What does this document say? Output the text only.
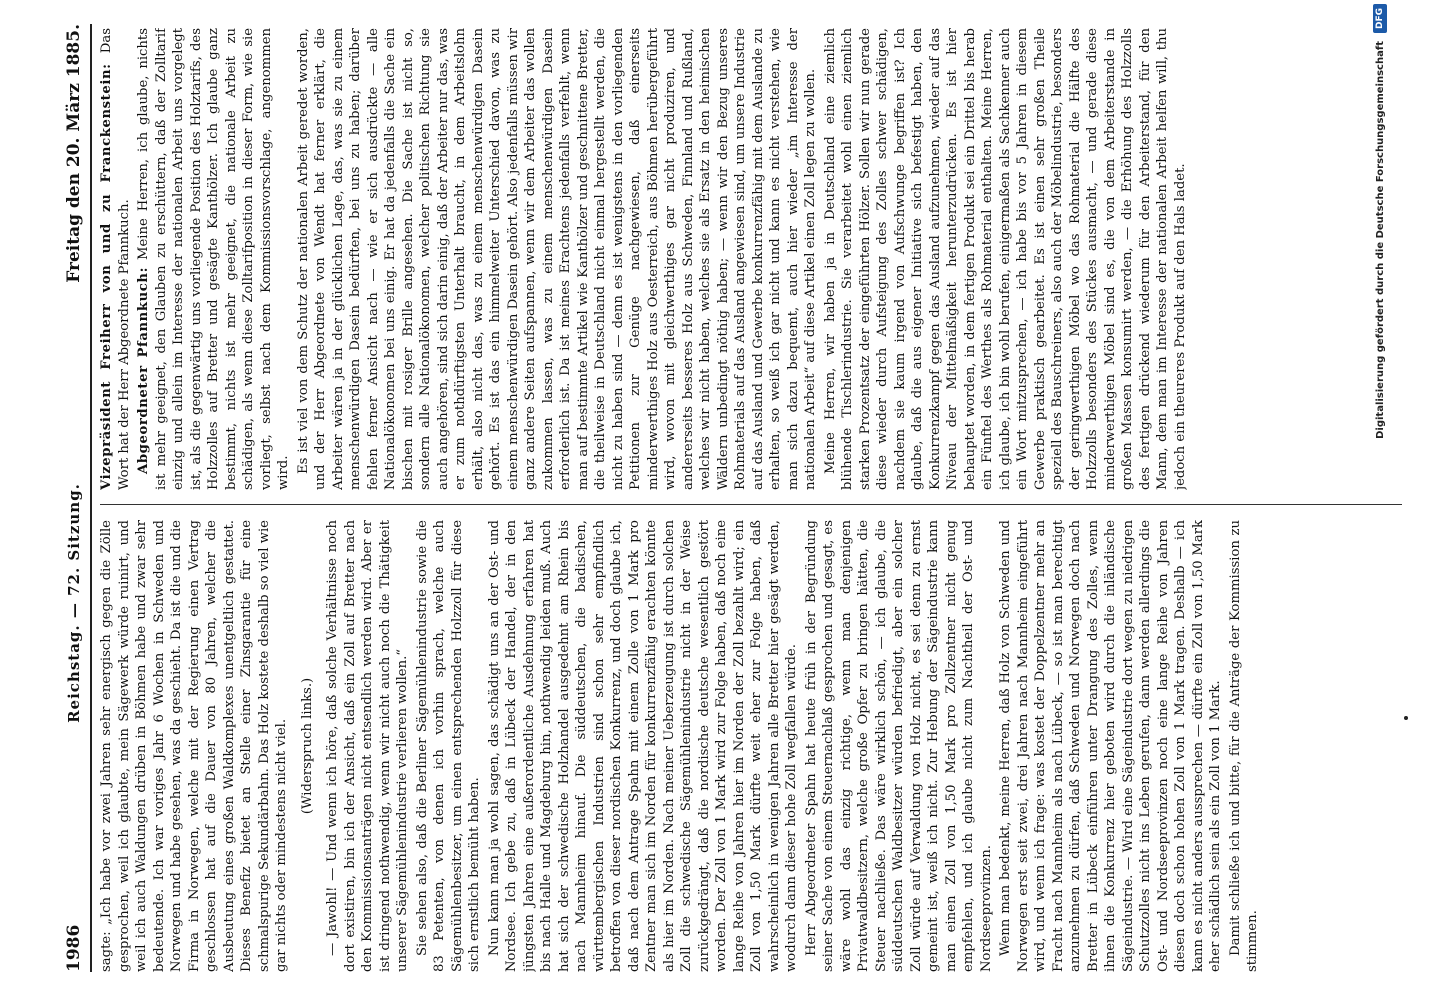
1986
Reichstag. — 72. Sitzung.
Freitag den 20. März 1885.

sagte: „Ich habe vor zwei Jahren sehr energisch gegen die Zölle gesprochen, weil ich glaubte, mein Sägewerk würde ruinirt, und weil ich auch Waldungen drüben in Böhmen habe und zwar sehr bedeutende. Ich war voriges Jahr 6 Wochen in Schweden und Norwegen und habe gesehen, was da geschieht. Da ist die und die Firma in Norwegen, welche mit der Regierung einen Vertrag geschlossen hat auf die Dauer von 80 Jahren, welcher die Ausbeutung eines großen Waldkomplexes unentgeltlich gestattet. Dieses Benefiz bietet an Stelle einer Zinsgarantie für eine schmalspurige Sekundärbahn. Das Holz kostete deshalb so viel wie gar nichts oder mindestens nicht viel. (Widerspruch links.) — Jawohl! — Und wenn ich höre, daß solche Verhältnisse noch dort existiren, bin ich der Ansicht, daß ein Zoll auf Bretter nach den Kommissionsanträgen nicht entsendlich werden wird. Aber er ist dringend nothwendig, wenn wir nicht auch noch die Thätigkeit unserer Sägemühlenindustrie verlieren wollen.“ Sie sehen also, daß die Berliner Sägemühlenindustrie sowie die 83 Petenten, von denen ich vorhin sprach, welche auch Sägemühlenbesitzer, um einen entsprechenden Holzzoll für diese sich ernstlich bemüht haben. Nun kann man ja wohl sagen, das schädigt uns an der Ost- und Nordsee. Ich gebe zu, daß in Lübeck der Handel, der in den jüngsten Jahren eine außerordentliche Ausdehnung erfahren hat bis nach Halle und Magdeburg hin, nothwendig leiden muß. Auch hat sich der schwedische Holzhandel ausgedehnt am Rhein bis nach Mannheim hinauf. Die süddeutschen, die badischen, württembergischen Industrien sind schon sehr empfindlich betroffen von dieser nordischen Konkurrenz, und doch glaube ich, daß nach dem Antrage Spahn mit einem Zolle von 1 Mark pro Zentner man sich im Norden für konkurrenzfähig erachten könnte als hier im Norden. Nach meiner Ueberzeugung ist durch solchen Zoll die schwedische Sägemühlenindustrie nicht in der Weise zurückgedrängt, daß die nordische deutsche wesentlich gestört worden. Der Zoll von 1 Mark wird zur Folge haben, daß noch eine lange Reihe von Jahren hier im Norden der Zoll bezahlt wird; ein Zoll von 1,50 Mark dürfte weit eher zur Folge haben, daß wahrscheinlich in wenigen Jahren alle Bretter hier gesägt werden, wodurch dann dieser hohe Zoll wegfallen würde. Herr Abgeordneter Spahn hat heute früh in der Begründung seiner Sache von einem Steuernachlaß gesprochen und gesagt, es wäre wohl das einzig richtige, wenn man denjenigen Privatwaldbesitzern, welche große Opfer zu bringen hätten, die Steuer nachließe. Das wäre wirklich schön, — ich glaube, die süddeutschen Waldbesitzer würden befriedigt, aber ein solcher Zoll würde auf Verwaldung von Holz nicht, es sei denn zu ernst gemeint ist, weiß ich nicht. Zur Hebung der Sägeindustrie kann man einen Zoll von 1,50 Mark pro Zollzentner nicht genug empfehlen, und ich glaube nicht zum Nachtheil der Ost- und Nordseeprovinzen. Wenn man bedenkt, meine Herren, daß Holz von Schweden und Norwegen erst seit zwei, drei Jahren nach Mannheim eingeführt wird, und wenn ich frage: was kostet der Doppelzentner mehr an Fracht nach Mannheim als nach Lübeck, — so ist man berechtigt anzunehmen zu dürfen, daß Schweden und Norwegen doch nach Bretter in Lübeck einführen unter Drangung des Zolles, wenn ihnen die Konkurrenz hier geboten wird durch die inländische Sägeindustrie. — Wird eine Sägeindustrie dort wegen zu niedrigen Schutzzolles nicht ins Leben gerufen, dann werden allerdings die Ost- und Nordseeprovinzen noch eine lange Reihe von Jahren diesen doch schon hohen Zoll von 1 Mark tragen. Deshalb — ich kann es nicht anders aussprechen — dürfte ein Zoll von 1,50 Mark eher schädlich sein als ein Zoll von 1 Mark. Damit schließe ich und bitte, für die Anträge der Kommission zu stimmen.

Vizepräsident Freiherr von und zu Franckenstein: Das Wort hat der Herr Abgeordnete Pfannkuch. Abgeordneter Pfannkuch: Meine Herren, ich glaube, nichts ist mehr geeignet, den Glauben zu erschüttern, daß der Zolltarif einzig und allein im Interesse der nationalen Arbeit uns vorgelegt ist, als die gegenwärtig uns vorliegende Position des Holztarifs, des Holzzolles auf Bretter und gesägte Kanthölzer. Ich glaube ganz bestimmt, nichts ist mehr geeignet, die nationale Arbeit zu schädigen, als wenn diese Zolltarifposition in dieser Form, wie sie vorliegt, selbst nach dem Kommissionsvorschlage, angenommen wird. Es ist viel von dem Schutz der nationalen Arbeit geredet worden, und der Herr Abgeordnete von Wendt hat ferner erklärt, die Arbeiter wären ja in der glücklichen Lage, das, was sie zu einem menschenwürdigen Dasein bedürften, bei uns zu haben; darüber fehlen ferner Ansicht nach — wie er sich ausdrückte — alle Nationalökonomen bei uns einig. Er hat da jedenfalls die Sache ein bischen mit rosiger Brille angesehen. Die Sache ist nicht so, sondern alle Nationalökonomen, welcher politischen Richtung sie auch angehören, sind sich darin einig, daß der Arbeiter nur das, was er zum nothdürftigsten Unterhalt braucht, in dem Arbeitslohn erhält, also nicht das, was zu einem menschenwürdigen Dasein gehört. Es ist das ein himmelweiter Unterschied davon, was zu einem menschenwürdigen Dasein gehört. Also jedenfalls müssen wir ganz andere Seiten aufspannen, wenn wir dem Arbeiter das wollen zukommen lassen, was zu einem menschenwürdigen Dasein erforderlich ist. Da ist meines Erachtens jedenfalls verfehlt, wenn man auf bestimmte Artikel wie Kanthölzer und geschnittene Bretter, die theilweise in Deutschland nicht einmal hergestellt werden, die nicht zu haben sind — denn es ist wenigstens in den vorliegenden Petitionen zur Genüge nachgewiesen, daß einerseits minderwerthiges Holz aus Oesterreich, aus Böhmen herübergeführt wird, wovon mit gleichwerthiges gar nicht produziren, und andererseits besseres Holz aus Schweden, Finnland und Rußland, welches wir nicht haben, welches sie als Ersatz in den heimischen Wäldern unbedingt nöthig haben; — wenn wir den Bezug unseres Rohmaterials auf das Ausland angewiesen sind, um unsere Industrie auf das Ausland und Gewerbe konkurrenzfähig mit dem Auslande zu erhalten, so weiß ich gar nicht und kann es nicht verstehen, wie man sich dazu bequemt, auch hier wieder „im Interesse der nationalen Arbeit“ auf diese Artikel einen Zoll legen zu wollen. Meine Herren, wir haben ja in Deutschland eine ziemlich blühende Tischlerindustrie. Sie verarbeitet wohl einen ziemlich starken Prozentsatz der eingeführten Hölzer. Sollen wir nun gerade diese wieder durch Aufsteigung des Zolles schwer schädigen, nachdem sie kaum irgend von Aufschwunge begriffen ist? Ich glaube, daß die aus eigener Initiative sich befestigt haben, den Konkurrenzkampf gegen das Ausland aufzunehmen, wieder auf das Niveau der Mittelmäßigkeit herunterzudrücken. Es ist hier behauptet worden, in dem fertigen Produkt sei ein Drittel bis herab ein Fünftel des Werthes als Rohmaterial enthalten. Meine Herren, ich glaube, ich bin wohl berufen, einigermaßen als Sachkenner auch ein Wort mitzusprechen, — ich habe bis vor 5 Jahren in diesem Gewerbe praktisch gearbeitet. Es ist einen sehr großen Theile speziell des Bauschreiners, also auch der Möbelindustrie, besonders der geringwerthigen Möbel wo das Rohmaterial die Hälfte des Holzzolls besonders des Stückes ausmacht, — und gerade diese minderwerthigen Möbel sind es, die von dem Arbeiterstande in großen Massen konsumirt werden, — die Erhöhung des Holzzolls des fertigen drückend wiederum für den Arbeiterstand, für den Mann, dem man im Interesse der nationalen Arbeit helfen will, thu jedoch ein theureres Produkt auf den Hals ladet.	Digitalisierung gefördert durch die Deutsche Forschungsgemeinschaft
DFG
